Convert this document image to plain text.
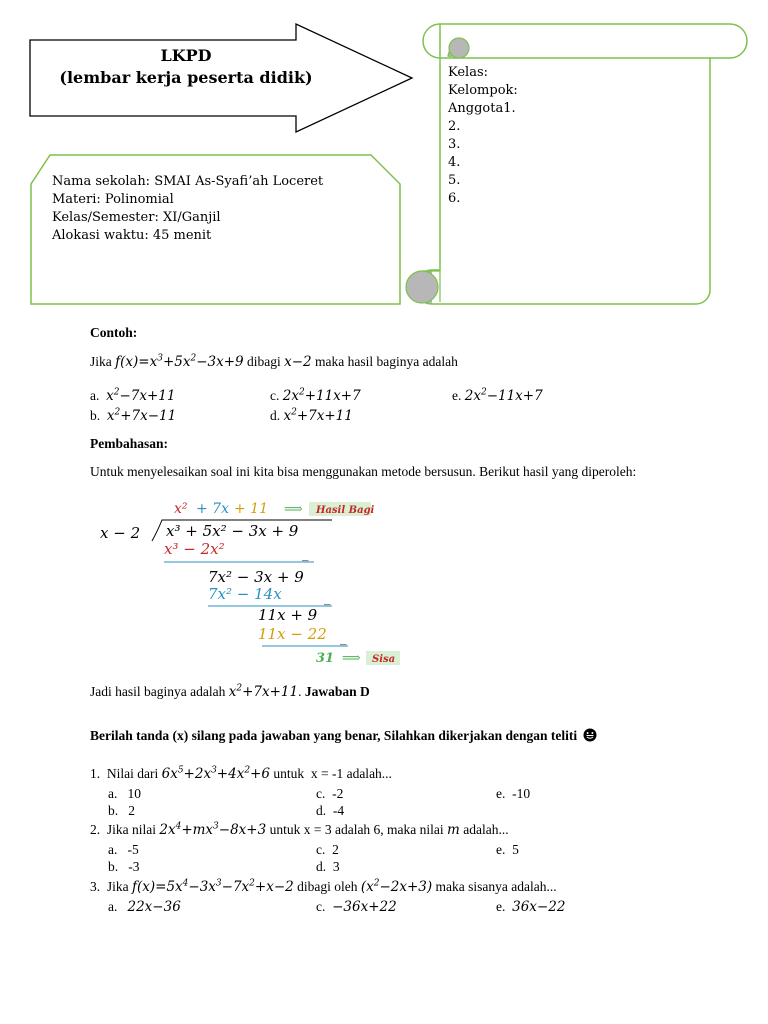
LKPD
(lembar kerja peserta didik)
Nama sekolah: SMAI As-Syafi’ah Loceret
Materi: Polinomial
Kelas/Semester: XI/Ganjil
Alokasi waktu: 45 menit
Kelas:
Kelompok:
Anggota1.
2.
3.
4.
5.
6.
Contoh:
Jika $f(x)=x^3+5x^2-3x+9$ dibagi x−2 maka hasil baginya adalah
a. $x^2-7x+11$
b. $x^2+7x-11$
c. $2x^2+11x+7$
d. $x^2+7x+11$
e. $2x^2-11x+7$
Pembahasan:
Untuk menyelesaikan soal ini kita bisa menggunakan metode bersusun. Berikut hasil yang diperoleh:
x² + 7x + 11 ⟹ Hasil Bagi
x − 2 x³ + 5x² − 3x + 9
x³ − 2x²	_
7x² − 3x + 9
7x² − 14x	_
11x + 9
11x − 22 _
31 ⟹ Sisa
Jadi hasil baginya adalah $x^2+7x+11$. Jawaban D
Berilah tanda (x) silang pada jawaban yang benar, Silahkan dikerjakan dengan teliti
1. Nilai dari $6x^5+2x^3+4x^2+6$ untuk x = -1 adalah...
a. 10
b. 2
c. -2
d. -4
e. -10
2. Jika nilai $2x^4+mx^3-8x+3$ untuk x = 3 adalah 6, maka nilai m adalah...
a. -5
b. -3
c. 2
d. 3
e. 5
3. Jika $f(x)=5x^4-3x^3-7x^2+x-2$ dibagi oleh $(x^2-2x+3)$ maka sisanya adalah...
a. 22x−36	c. −36x+22	e. 36x−22
